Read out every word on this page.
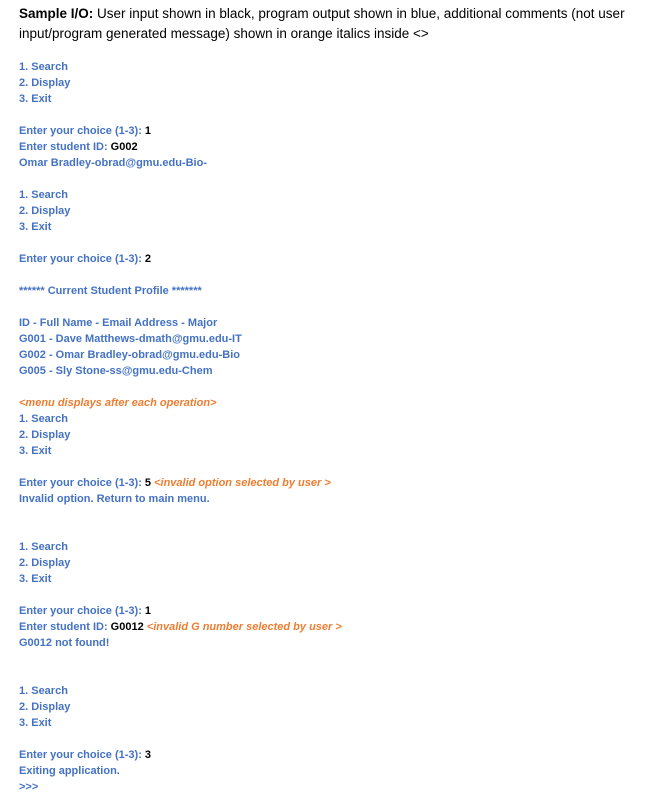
Sample I/O: User input shown in black, program output shown in blue, additional comments (not user input/program generated message) shown in orange italics inside <>

1. Search
2. Display
3. Exit
Enter your choice (1-3): 1
Enter student ID: G002
Omar Bradley-obrad@gmu.edu-Bio-
1. Search
2. Display
3. Exit
Enter your choice (1-3): 2
****** Current Student Profile *******
ID - Full Name - Email Address - Major
G001 - Dave Matthews-dmath@gmu.edu-IT
G002 - Omar Bradley-obrad@gmu.edu-Bio
G005 - Sly Stone-ss@gmu.edu-Chem
<menu displays after each operation>
1. Search
2. Display
3. Exit
Enter your choice (1-3): 5 <invalid option selected by user >
Invalid option. Return to main menu.
1. Search
2. Display
3. Exit
Enter your choice (1-3): 1
Enter student ID: G0012 <invalid G number selected by user >
G0012 not found!
1. Search
2. Display
3. Exit
Enter your choice (1-3): 3
Exiting application.
>>>
